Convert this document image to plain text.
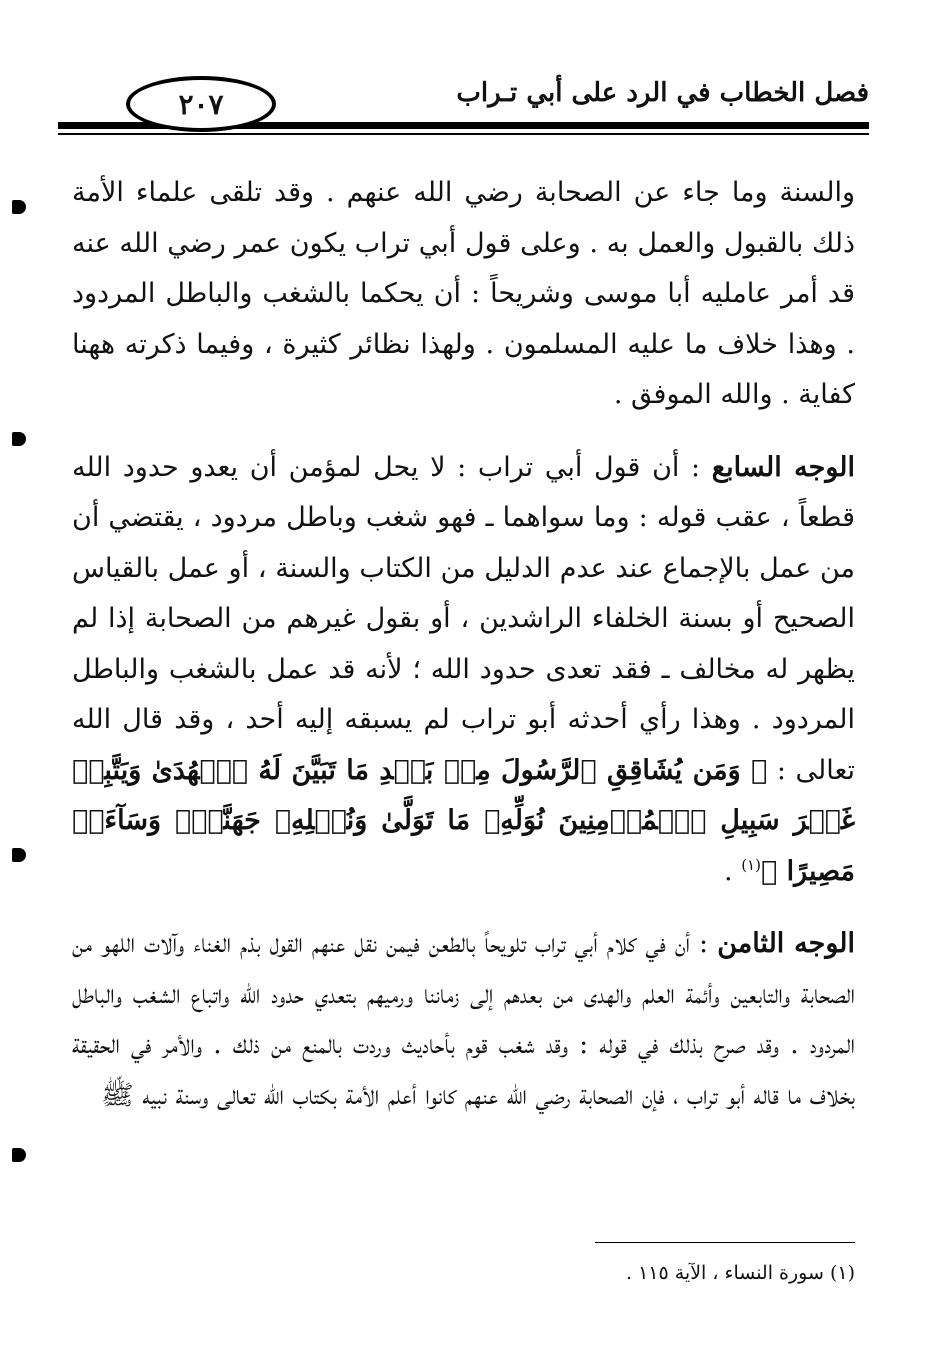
فصل الخطاب في الرد على أبي تـراب
٢٠٧

والسنة وما جاء عن الصحابة رضي الله عنهم . وقد تلقى علماء الأمة ذلك بالقبول والعمل به . وعلى قول أبي تراب يكون عمر رضي الله عنه قد أمر عامليه أبا موسى وشريحاً : أن يحكما بالشغب والباطل المردود . وهذا خلاف ما عليه المسلمون . ولهذا نظائر كثيرة ، وفيما ذكرته ههنا كفاية . والله الموفق .

الوجه السابع : أن قول أبي تراب : لا يحل لمؤمن أن يعدو حدود الله قطعاً ، عقب قوله : وما سواهما ـ فهو شغب وباطل مردود ، يقتضي أن من عمل بالإجماع عند عدم الدليل من الكتاب والسنة ، أو عمل بالقياس الصحيح أو بسنة الخلفاء الراشدين ، أو بقول غيرهم من الصحابة إذا لم يظهر له مخالف ـ فقد تعدى حدود الله ؛ لأنه قد عمل بالشغب والباطل المردود . وهذا رأي أحدثه أبو تراب لم يسبقه إليه أحد ، وقد قال الله تعالى : ﴿ وَمَن يُشَاقِقِ ٱلرَّسُولَ مِنۢ بَعۡدِ مَا تَبَيَّنَ لَهُ ٱلۡهُدَىٰ وَيَتَّبِعۡ غَيۡرَ سَبِيلِ ٱلۡمُؤۡمِنِينَ نُوَلِّهِۦ مَا تَوَلَّىٰ وَنُصۡلِهِۦ جَهَنَّمَۖ وَسَآءَتۡ مَصِيرًا ﴾$^{(١)}$ .

الوجه الثامن : أن في كلام أبي تراب تلويحاً بالطعن فيمن نقل عنهم القول بذم الغناء وآلات اللهو من الصحابة والتابعين وأئمة العلم والهدى من بعدهم إلى زماننا ورميهم بتعدي حدود الله واتباع الشغب والباطل المردود . وقد صرح بذلك في قوله : وقد شغب قوم بأحاديث وردت بالمنع من ذلك . والأمر في الحقيقة بخلاف ما قاله أبو تراب ، فإن الصحابة رضي الله عنهم كانوا أعلم الأمة بكتاب الله تعالى وسنة نبيه ﷺ

(١) سورة النساء ، الآية ١١٥ .
